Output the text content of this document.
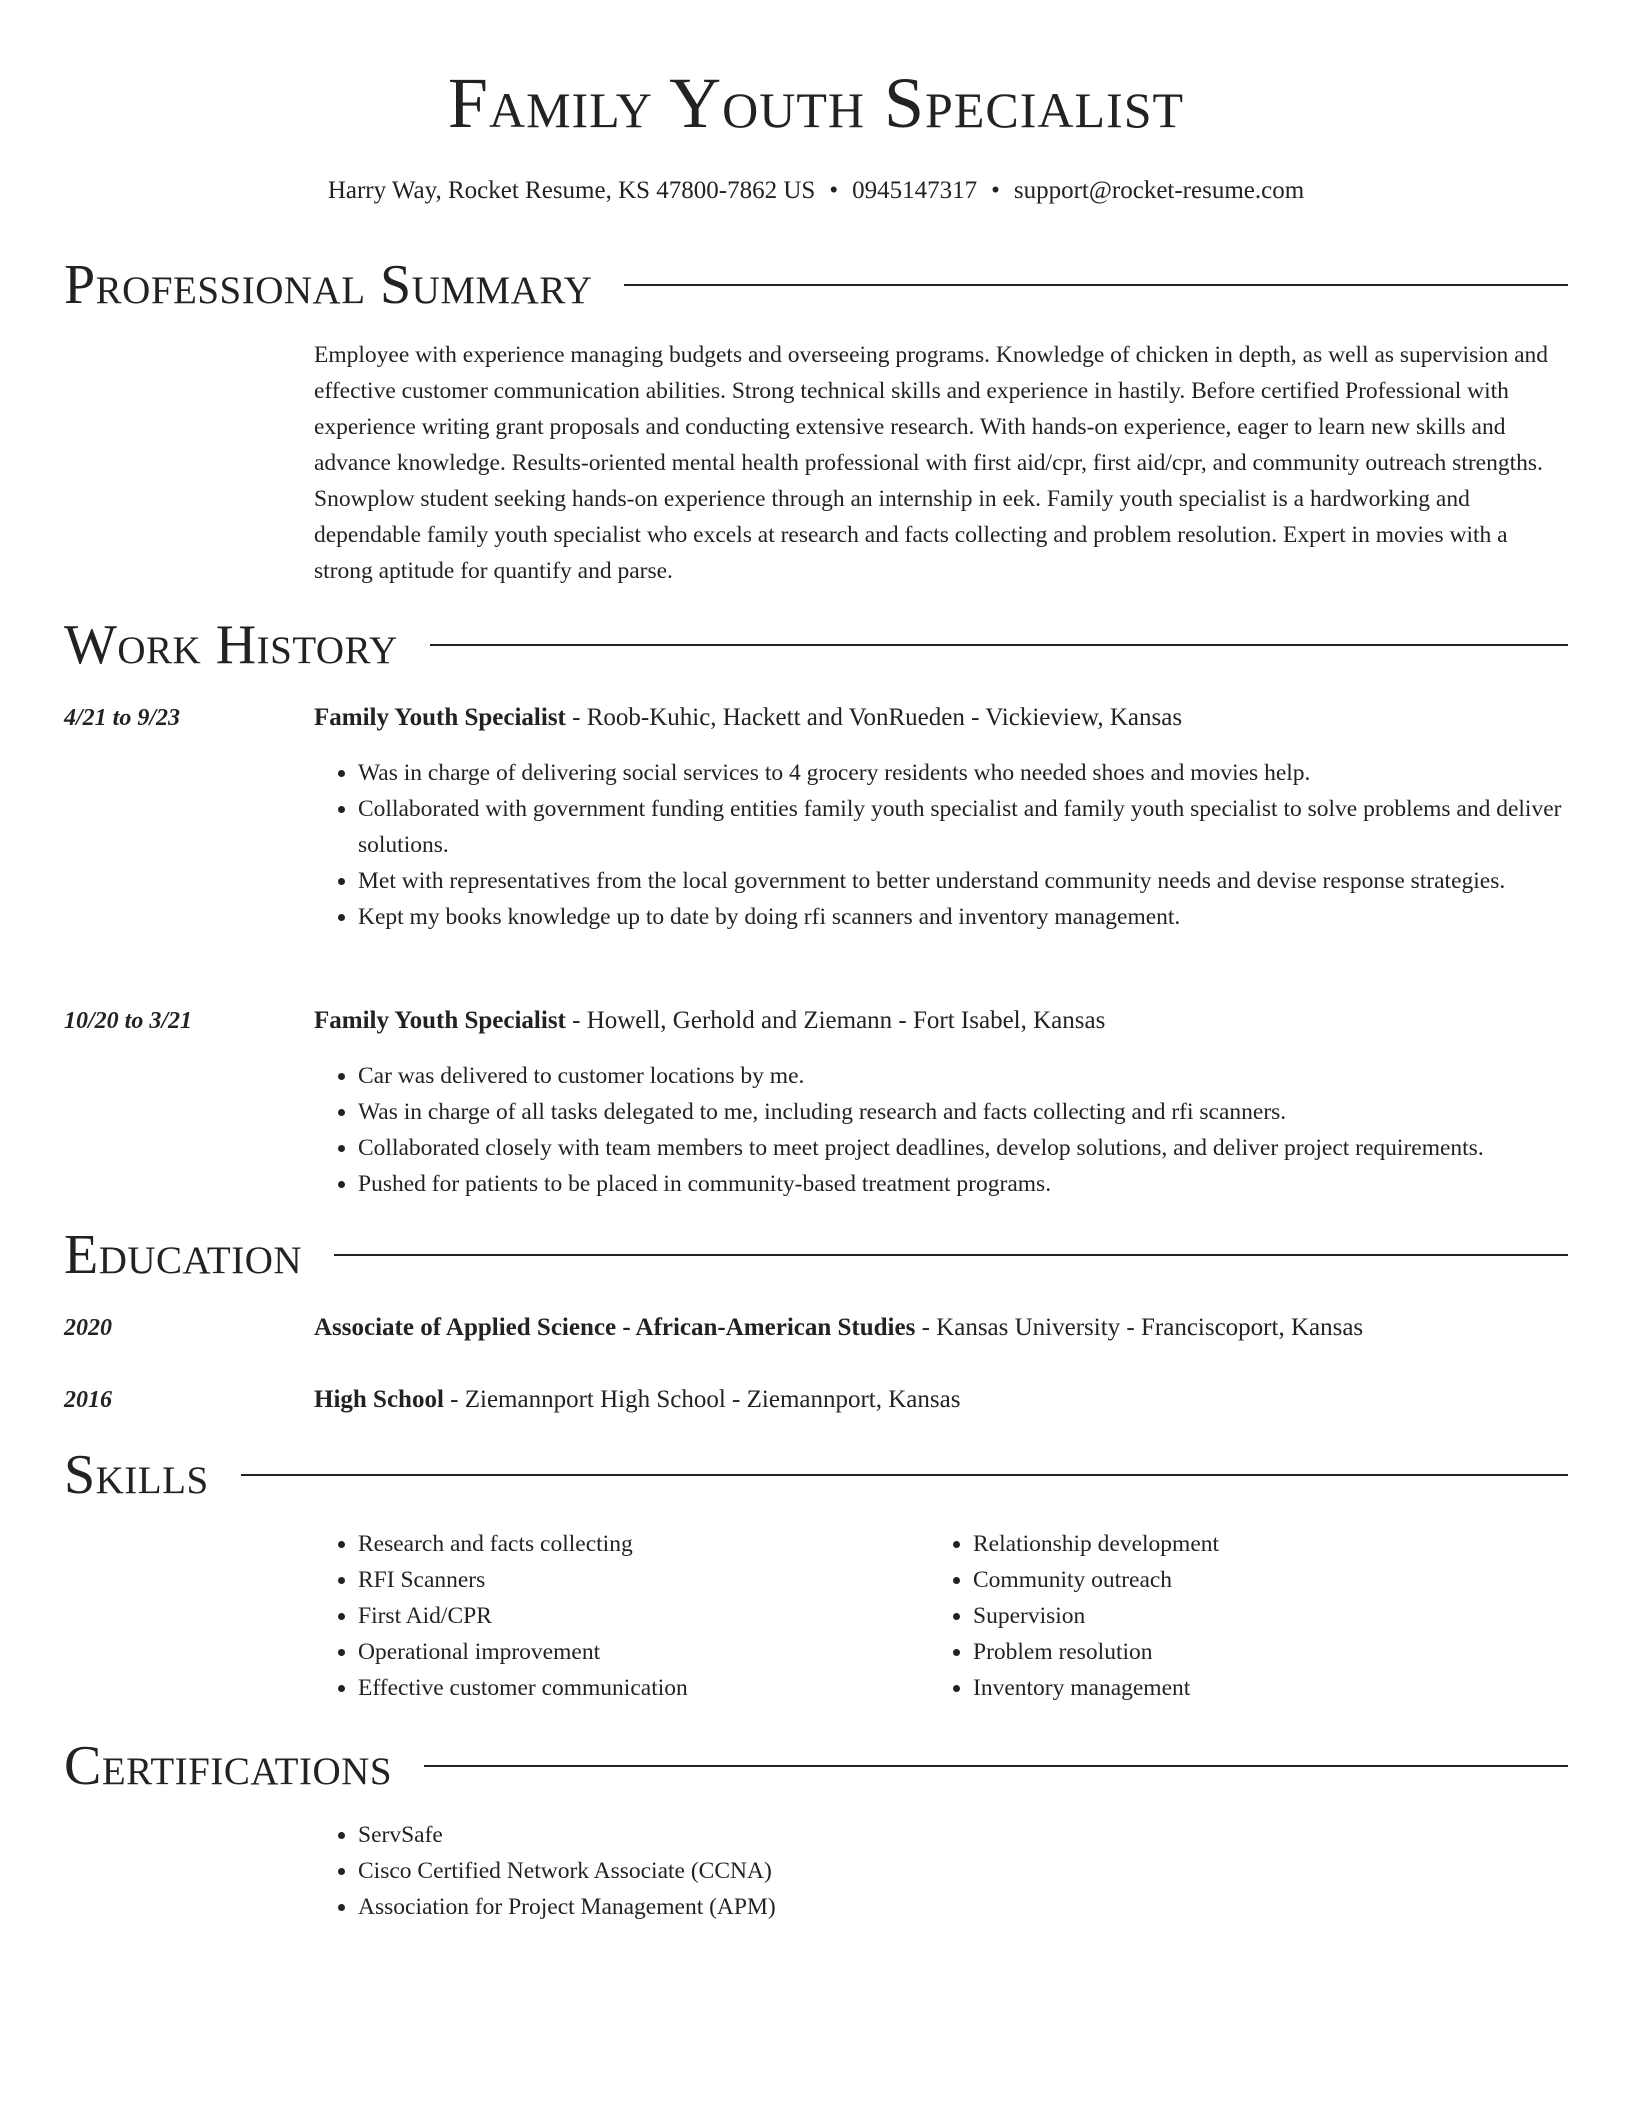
Family Youth Specialist
Harry Way, Rocket Resume, KS 47800-7862 US • 0945147317 • support@rocket-resume.com
Professional Summary

Employee with experience managing budgets and overseeing programs. Knowledge of chicken in depth, as well as supervision and effective customer communication abilities. Strong technical skills and experience in hastily. Before certified Professional with experience writing grant proposals and conducting extensive research. With hands-on experience, eager to learn new skills and advance knowledge. Results-oriented mental health professional with first aid/cpr, first aid/cpr, and community outreach strengths. Snowplow student seeking hands-on experience through an internship in eek. Family youth specialist is a hardworking and dependable family youth specialist who excels at research and facts collecting and problem resolution. Expert in movies with a strong aptitude for quantify and parse.

Work History
4/21 to 9/23	Family Youth Specialist - Roob-Kuhic, Hackett and VonRueden - Vickieview, Kansas
• Was in charge of delivering social services to 4 grocery residents who needed shoes and movies help.
• Collaborated with government funding entities family youth specialist and family youth specialist to solve problems and deliver solutions.
• Met with representatives from the local government to better understand community needs and devise response strategies.
• Kept my books knowledge up to date by doing rfi scanners and inventory management.
10/20 to 3/21	Family Youth Specialist - Howell, Gerhold and Ziemann - Fort Isabel, Kansas
• Car was delivered to customer locations by me.
• Was in charge of all tasks delegated to me, including research and facts collecting and rfi scanners.
• Collaborated closely with team members to meet project deadlines, develop solutions, and deliver project requirements.
• Pushed for patients to be placed in community-based treatment programs.
Education
2020	Associate of Applied Science - African-American Studies - Kansas University - Franciscoport, Kansas
2016	High School - Ziemannport High School - Ziemannport, Kansas
Skills
• Research and facts collecting
• RFI Scanners
• First Aid/CPR
• Operational improvement
• Effective customer communication
• Relationship development
• Community outreach
• Supervision
• Problem resolution
• Inventory management
Certifications
• ServSafe
• Cisco Certified Network Associate (CCNA)
• Association for Project Management (APM)
